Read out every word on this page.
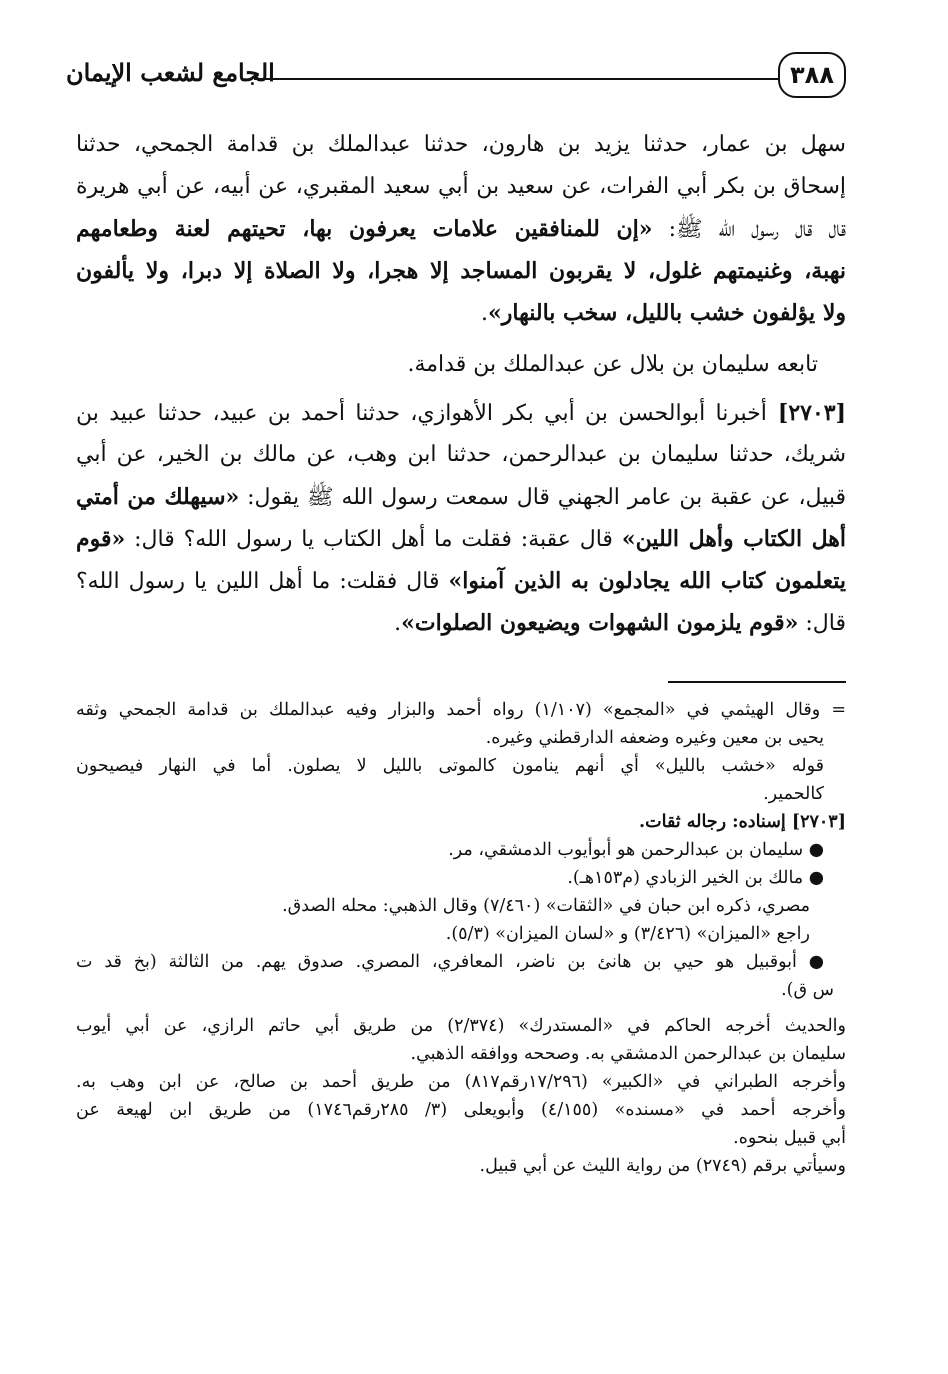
٣٨٨
الجامع لشعب الإيمان
سهل بن عمار، حدثنا يزيد بن هارون، حدثنا عبدالملك بن قدامة الجمحي، حدثنا
إسحاق بن بكر أبي الفرات، عن سعيد بن أبي سعيد المقبري، عن أبيه، عن أبي هريرة
قال قال رسول الله ﷺ: «إن للمنافقين علامات يعرفون بها، تحيتهم لعنة وطعامهم
نهبة، وغنيمتهم غلول، لا يقربون المساجد إلا هجرا، ولا الصلاة إلا دبرا، ولا يألفون
ولا يؤلفون خشب بالليل، سخب بالنهار».
تابعه سليمان بن بلال عن عبدالملك بن قدامة.
[٢٧٠٣] أخبرنا أبوالحسن بن أبي بكر الأهوازي، حدثنا أحمد بن عبيد، حدثنا عبيد بن
شريك، حدثنا سليمان بن عبدالرحمن، حدثنا ابن وهب، عن مالك بن الخير، عن أبي
قبيل، عن عقبة بن عامر الجهني قال سمعت رسول الله ﷺ يقول: «سيهلك من أمتي
أهل الكتاب وأهل اللين» قال عقبة: فقلت ما أهل الكتاب يا رسول الله؟ قال: «قوم
يتعلمون كتاب الله يجادلون به الذين آمنوا» قال فقلت: ما أهل اللين يا رسول الله؟
قال: «قوم يلزمون الشهوات ويضيعون الصلوات».
= وقال الهيثمي في «المجمع» (١/١٠٧) رواه أحمد والبزار وفيه عبدالملك بن قدامة الجمحي وثقه
يحيى بن معين وغيره وضعفه الدارقطني وغيره.
قوله «خشب بالليل» أي أنهم ينامون كالموتى بالليل لا يصلون. أما في النهار فيصيحون
كالحمير.
[٢٧٠٣] إسناده: رجاله ثقات.
● سليمان بن عبدالرحمن هو أبوأيوب الدمشقي، مر.
● مالك بن الخير الزبادي (م١٥٣هـ).
مصري، ذكره ابن حبان في «الثقات» (٧/٤٦٠) وقال الذهبي: محله الصدق.
راجع «الميزان» (٣/٤٢٦) و «لسان الميزان» (٥/٣).
● أبوقبيل هو حيي بن هانئ بن ناضر، المعافري، المصري. صدوق يهم. من الثالثة (بخ قد ت
س ق).
والحديث أخرجه الحاكم في «المستدرك» (٢/٣٧٤) من طريق أبي حاتم الرازي، عن أبي أيوب
سليمان بن عبدالرحمن الدمشقي به. وصححه ووافقه الذهبي.
وأخرجه الطبراني في «الكبير» (١٧/٢٩٦رقم٨١٧) من طريق أحمد بن صالح، عن ابن وهب به.
وأخرجه أحمد في «مسنده» (٤/١٥٥) وأبويعلى (٣/ ٢٨٥رقم١٧٤٦) من طريق ابن لهيعة عن
أبي قبيل بنحوه.
وسيأتي برقم (٢٧٤٩) من رواية الليث عن أبي قبيل.
